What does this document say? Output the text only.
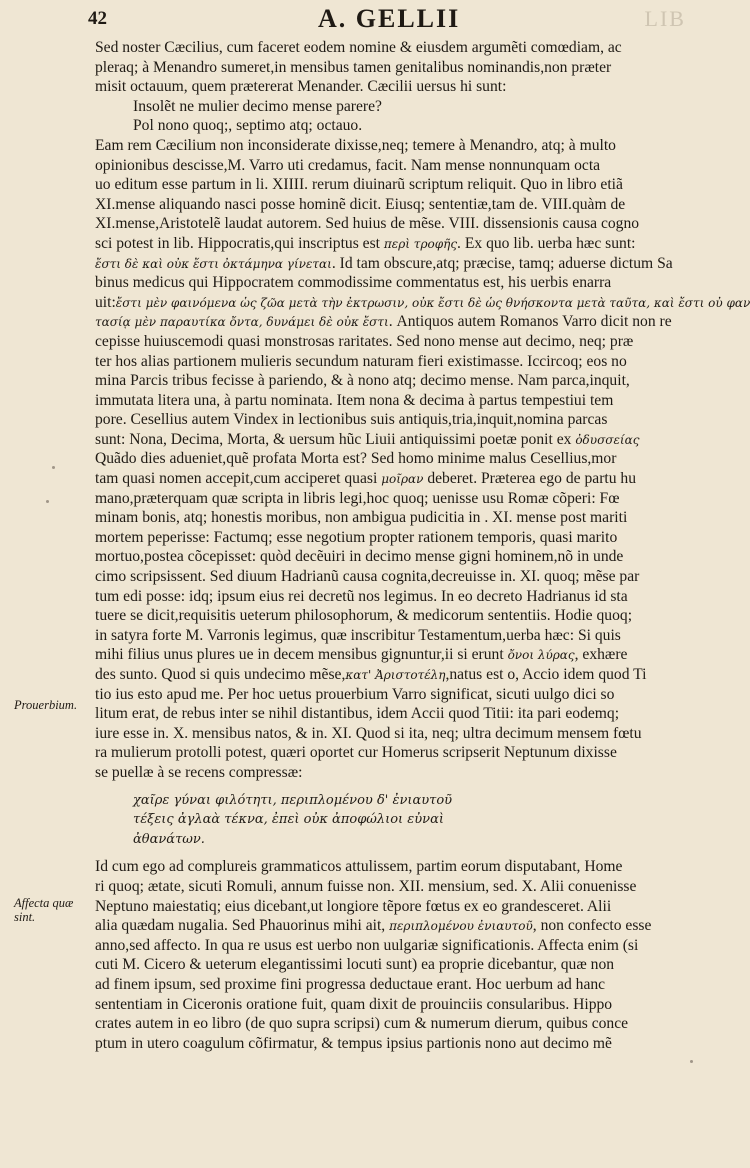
42	A. GELLII	LIB
Prouerbium.
Affecta quæ
sint.
Sed noster Cæcilius, cum faceret eodem nomine & eiusdem argumẽti comœdiam, ac
pleraq; à Menandro sumeret,in mensibus tamen genitalibus nominandis,non præter
misit octauum, quem prætererat Menander. Cæcilii uersus hi sunt:
Insolẽt ne mulier decimo mense parere?
Pol nono quoq;, septimo atq; octauo.
Eam rem Cæcilium non inconsiderate dixisse,neq; temere à Menandro, atq; à multo
opinionibus descisse,M. Varro uti credamus, facit. Nam mense nonnunquam octa
uo editum esse partum in li. XIIII. rerum diuinarũ scriptum reliquit. Quo in libro etiã
XI.mense aliquando nasci posse hominẽ dicit. Eiusq; sententiæ,tam de. VIII.quàm de
XI.mense,Aristotelẽ laudat autorem. Sed huius de mẽse. VIII. dissensionis causa cogno
sci potest in lib. Hippocratis,qui inscriptus est περὶ τροφῆς. Ex quo lib. uerba hæc sunt:
ἔστι δὲ καὶ οὐκ ἔστι ὀκτάμηνα γίνεται. Id tam obscure,atq; præcise, tamq; aduerse dictum Sa
binus medicus qui Hippocratem commodissime commentatus est, his uerbis enarra
uit:ἔστι μὲν φαινόμενα ὡς ζῶα μετὰ τὴν ἐκτρωσιν, οὐκ ἔστι δὲ ὡς θνήσκοντα μετὰ ταῦτα, καὶ ἔστι οὐ φαν
τασίᾳ μὲν παραυτίκα ὄντα, δυνάμει δὲ οὐκ ἔστι. Antiquos autem Romanos Varro dicit non re
cepisse huiuscemodi quasi monstrosas raritates. Sed nono mense aut decimo, neq; præ
ter hos alias partionem mulieris secundum naturam fieri existimasse. Iccircoq; eos no
mina Parcis tribus fecisse à pariendo, & à nono atq; decimo mense. Nam parca,inquit,
immutata litera una, à partu nominata. Item nona & decima à partus tempestiui tem
pore. Cesellius autem Vindex in lectionibus suis antiquis,tria,inquit,nomina parcas
sunt: Nona, Decima, Morta, & uersum hũc Liuii antiquissimi poetæ ponit ex ὀδυσσείας
Quãdo dies adueniet,quẽ profata Morta est? Sed homo minime malus Cesellius,mor
tam quasi nomen accepit,cum acciperet quasi μοῖραν deberet. Præterea ego de partu hu
mano,præterquam quæ scripta in libris legi,hoc quoq; uenisse usu Romæ cõperi: Fœ
minam bonis, atq; honestis moribus, non ambigua pudicitia in . XI. mense post mariti
mortem peperisse: Factumq; esse negotium propter rationem temporis, quasi marito
mortuo,postea cõcepisset: quòd decẽuiri in decimo mense gigni hominem,nõ in unde
cimo scripsissent. Sed diuum Hadrianũ causa cognita,decreuisse in. XI. quoq; mẽse par
tum edi posse: idq; ipsum eius rei decretũ nos legimus. In eo decreto Hadrianus id sta
tuere se dicit,requisitis ueterum philosophorum, & medicorum sententiis. Hodie quoq;
in satyra forte M. Varronis legimus, quæ inscribitur Testamentum,uerba hæc: Si quis
mihi filius unus plures ue in decem mensibus gignuntur,ii si erunt ὄνοι λύρας, exhære
des sunto. Quod si quis undecimo mẽse,κατ' Ἀριστοτέλη,natus est o, Accio idem quod Ti
tio ius esto apud me. Per hoc uetus prouerbium Varro significat, sicuti uulgo dici so
litum erat, de rebus inter se nihil distantibus, idem Accii quod Titii: ita pari eodemq;
iure esse in. X. mensibus natos, & in. XI. Quod si ita, neq; ultra decimum mensem fœtu
ra mulierum protolli potest, quæri oportet cur Homerus scripserit Neptunum dixisse
se puellæ à se recens compressæ:
χαῖρε γύναι φιλότητι, περιπλομένου δ' ἐνιαυτοῦ
τέξεις ἀγλαὰ τέκνα, ἐπεὶ οὐκ ἀποφώλιοι εὐναὶ
ἀθανάτων.
Id cum ego ad complureis grammaticos attulissem, partim eorum disputabant, Home
ri quoq; ætate, sicuti Romuli, annum fuisse non. XII. mensium, sed. X. Alii conuenisse
Neptuno maiestatiq; eius dicebant,ut longiore tẽpore fœtus ex eo grandesceret. Alii
alia quædam nugalia. Sed Phauorinus mihi ait, περιπλομένου ἐνιαυτοῦ, non confecto esse
anno,sed affecto. In qua re usus est uerbo non uulgariæ significationis. Affecta enim (si
cuti M. Cicero & ueterum elegantissimi locuti sunt) ea proprie dicebantur, quæ non
ad finem ipsum, sed proxime fini progressa deductaue erant. Hoc uerbum ad hanc
sententiam in Ciceronis oratione fuit, quam dixit de prouinciis consularibus. Hippo
crates autem in eo libro (de quo supra scripsi) cum & numerum dierum, quibus conce
ptum in utero coagulum cõfirmatur, & tempus ipsius partionis nono aut decimo mẽ
